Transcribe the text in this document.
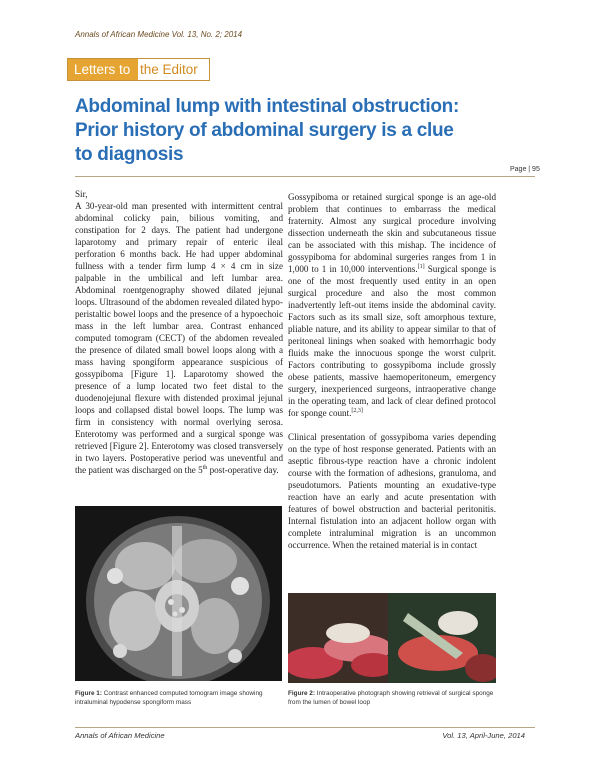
Annals of African Medicine Vol. 13, No. 2; 2014
Letters to the Editor
Abdominal lump with intestinal obstruction:
Prior history of abdominal surgery is a clue
to diagnosis
Page | 95

Sir,

A 30-year-old man presented with intermittent central abdominal colicky pain, bilious vomiting, and constipation for 2 days. The patient had undergone laparotomy and primary repair of enteric ileal perforation 6 months back. He had upper abdominal fullness with a tender firm lump 4 × 4 cm in size palpable in the umbilical and left lumbar area. Abdominal roentgenography showed dilated jejunal loops. Ultrasound of the abdomen revealed dilated hypo-peristaltic bowel loops and the presence of a hypoechoic mass in the left lumbar area. Contrast enhanced computed tomogram (CECT) of the abdomen revealed the presence of dilated small bowel loops along with a mass having spongiform appearance suspicious of gossypiboma [Figure 1]. Laparotomy showed the presence of a lump located two feet distal to the duodenojejunal flexure with distended proximal jejunal loops and collapsed distal bowel loops. The lump was firm in consistency with normal overlying serosa. Enterotomy was performed and a surgical sponge was retrieved [Figure 2]. Enterotomy was closed transversely in two layers. Postoperative period was uneventful and the patient was discharged on the 5th post-operative day.

Gossypiboma or retained surgical sponge is an age-old problem that continues to embarrass the medical fraternity. Almost any surgical procedure involving dissection underneath the skin and subcutaneous tissue can be associated with this mishap. The incidence of gossypiboma for abdominal surgeries ranges from 1 in 1,000 to 1 in 10,000 interventions.[1] Surgical sponge is one of the most frequently used entity in an open surgical procedure and also the most common inadvertently left-out items inside the abdominal cavity. Factors such as its small size, soft amorphous texture, pliable nature, and its ability to appear similar to that of peritoneal linings when soaked with hemorrhagic body fluids make the innocuous sponge the worst culprit. Factors contributing to gossypiboma include grossly obese patients, massive haemoperitoneum, emergency surgery, inexperienced surgeons, intraoperative change in the operating team, and lack of clear defined protocol for sponge count.[2,3]

Clinical presentation of gossypiboma varies depending on the type of host response generated. Patients with an aseptic fibrous-type reaction have a chronic indolent course with the formation of adhesions, granuloma, and pseudotumors. Patients mounting an exudative-type reaction have an early and acute presentation with features of bowel obstruction and bacterial peritonitis. Internal fistulation into an adjacent hollow organ with complete intraluminal migration is an uncommon occurrence. When the retained material is in contact

Figure 1: Contrast enhanced computed tomogram image showing intraluminal hypodense spongiform mass
Figure 2: Intraoperative photograph showing retrieval of surgical sponge from the lumen of bowel loop
Annals of African Medicine	Vol. 13, April-June, 2014
